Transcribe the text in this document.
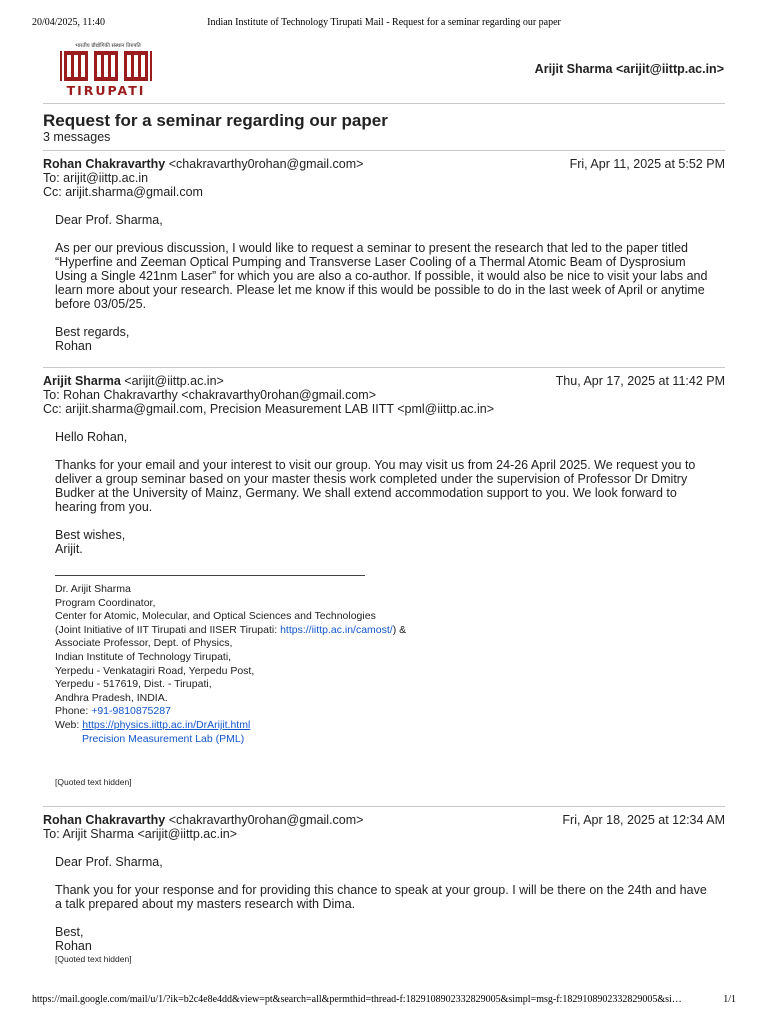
20/04/2025, 11:40	Indian Institute of Technology Tirupati Mail - Request for a seminar regarding our paper
भारतीय प्रौद्योगिकी संस्थान तिरुपति
TIRUPATI
Arijit Sharma <arijit@iittp.ac.in>
Request for a seminar regarding our paper
3 messages
Rohan Chakravarthy <chakravarthy0rohan@gmail.com>	Fri, Apr 11, 2025 at 5:52 PM
To: arijit@iittp.ac.in
Cc: arijit.sharma@gmail.com

Dear Prof. Sharma,

As per our previous discussion, I would like to request a seminar to present the research that led to the paper titled “Hyperfine and Zeeman Optical Pumping and Transverse Laser Cooling of a Thermal Atomic Beam of Dysprosium Using a Single 421nm Laser” for which you are also a co-author. If possible, it would also be nice to visit your labs and learn more about your research. Please let me know if this would be possible to do in the last week of April or anytime before 03/05/25.

Best regards,
Rohan

Arijit Sharma <arijit@iittp.ac.in>	Thu, Apr 17, 2025 at 11:42 PM
To: Rohan Chakravarthy <chakravarthy0rohan@gmail.com>
Cc: arijit.sharma@gmail.com, Precision Measurement LAB IITT <pml@iittp.ac.in>

Hello Rohan,

Thanks for your email and your interest to visit our group. You may visit us from 24-26 April 2025. We request you to deliver a group seminar based on your master thesis work completed under the supervision of Professor Dr Dmitry Budker at the University of Mainz, Germany. We shall extend accommodation support to you. We look forward to hearing from you.

Best wishes,
Arijit.

Dr. Arijit Sharma
Program Coordinator,
Center for Atomic, Molecular, and Optical Sciences and Technologies
(Joint Initiative of IIT Tirupati and IISER Tirupati: https://iittp.ac.in/camost/) &
Associate Professor, Dept. of Physics,
Indian Institute of Technology Tirupati,
Yerpedu - Venkatagiri Road, Yerpedu Post,
Yerpedu - 517619, Dist. - Tirupati,
Andhra Pradesh, INDIA.
Phone: +91-9810875287
Web: https://physics.iittp.ac.in/DrArijit.html
Precision Measurement Lab (PML)
[Quoted text hidden]
Rohan Chakravarthy <chakravarthy0rohan@gmail.com>	Fri, Apr 18, 2025 at 12:34 AM
To: Arijit Sharma <arijit@iittp.ac.in>

Dear Prof. Sharma,

Thank you for your response and for providing this chance to speak at your group. I will be there on the 24th and have a talk prepared about my masters research with Dima.

Best,
Rohan

[Quoted text hidden]
https://mail.google.com/mail/u/1/?ik=b2c4e8e4dd&view=pt&search=all&permthid=thread-f:1829108902332829005&simpl=msg-f:1829108902332829005&si…	1/1
